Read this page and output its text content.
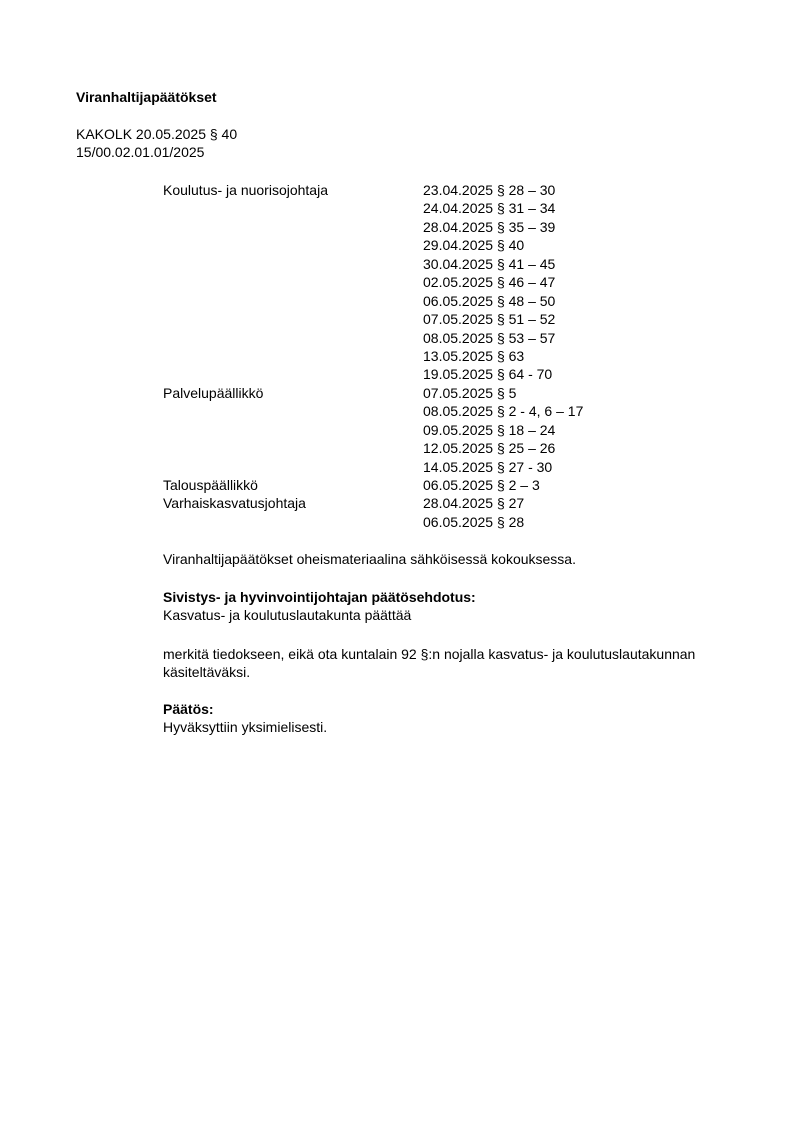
Viranhaltijapäätökset
KAKOLK 20.05.2025 § 40
15/00.02.01.01/2025
Koulutus- ja nuorisojohtaja	23.04.2025 § 28 – 30
24.04.2025 § 31 – 34
28.04.2025 § 35 – 39
29.04.2025 § 40
30.04.2025 § 41 – 45
02.05.2025 § 46 – 47
06.05.2025 § 48 – 50
07.05.2025 § 51 – 52
08.05.2025 § 53 – 57
13.05.2025 § 63
19.05.2025 § 64 - 70
Palvelupäällikkö	07.05.2025 § 5
08.05.2025 § 2 - 4, 6 – 17
09.05.2025 § 18 – 24
12.05.2025 § 25 – 26
14.05.2025 § 27 - 30
Talouspäällikkö	06.05.2025 § 2 – 3
Varhaiskasvatusjohtaja	28.04.2025 § 27
06.05.2025 § 28
Viranhaltijapäätökset oheismateriaalina sähköisessä kokouksessa.
Sivistys- ja hyvinvointijohtajan päätösehdotus:
Kasvatus- ja koulutuslautakunta päättää
merkitä tiedokseen, eikä ota kuntalain 92 §:n nojalla kasvatus- ja koulutuslautakunnan käsiteltäväksi.
Päätös:
Hyväksyttiin yksimielisesti.
